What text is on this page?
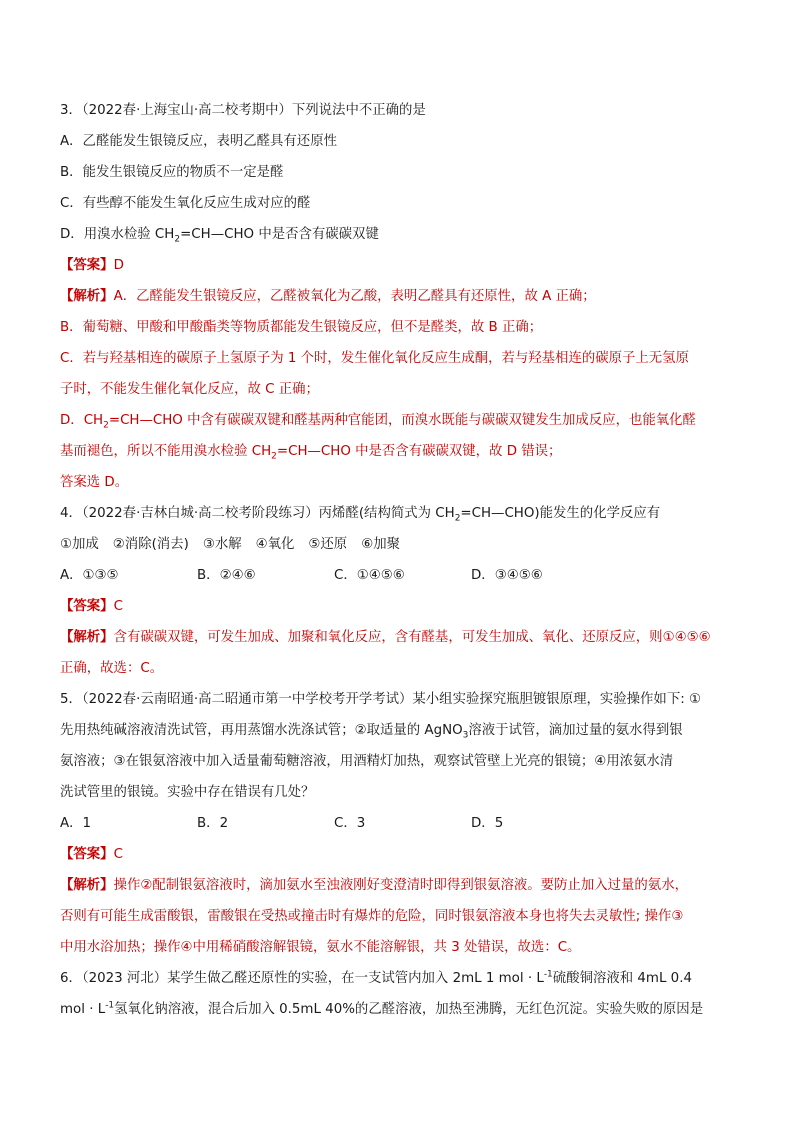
3．（2022春·上海宝山·高二校考期中）下列说法中不正确的是
A．乙醛能发生银镜反应，表明乙醛具有还原性
B．能发生银镜反应的物质不一定是醛
C．有些醇不能发生氧化反应生成对应的醛
D．用溴水检验 $CH_2=CH—CHO$ 中是否含有碳碳双键
【答案】D
【解析】A．乙醛能发生银镜反应，乙醛被氧化为乙酸，表明乙醛具有还原性，故 A 正确；
B．葡萄糖、甲酸和甲酸酯类等物质都能发生银镜反应，但不是醛类，故 B 正确；
C．若与羟基相连的碳原子上氢原子为 1 个时，发生催化氧化反应生成酮，若与羟基相连的碳原子上无氢原
子时，不能发生催化氧化反应，故 C 正确；
D．$CH_2=CH—CHO$ 中含有碳碳双键和醛基两种官能团，而溴水既能与碳碳双键发生加成反应，也能氧化醛
基而褪色，所以不能用溴水检验 $CH_2=CH—CHO$ 中是否含有碳碳双键，故 D 错误；
答案选 D。
4．（2022春·吉林白城·高二校考阶段练习）丙烯醛(结构简式为 $CH_2=CH—CHO$)能发生的化学反应有
①加成 ②消除(消去) ③水解 ④氧化 ⑤还原 ⑥加聚
A．①③⑤	B．②④⑥	C．①④⑤⑥	D．③④⑤⑥
【答案】C
【解析】含有碳碳双键，可发生加成、加聚和氧化反应，含有醛基，可发生加成、氧化、还原反应，则①④⑤⑥
正确，故选：C。
5．（2022春·云南昭通·高二昭通市第一中学校考开学考试）某小组实验探究瓶胆镀银原理，实验操作如下: ①
先用热纯碱溶液清洗试管，再用蒸馏水洗涤试管；②取适量的 AgNO$_3$溶液于试管，滴加过量的氨水得到银
氨溶液；③在银氨溶液中加入适量葡萄糖溶液，用酒精灯加热，观察试管壁上光亮的银镜；④用浓氨水清
洗试管里的银镜。实验中存在错误有几处？
A．1	B．2	C．3	D．5
【答案】C
【解析】操作②配制银氨溶液时，滴加氨水至浊液刚好变澄清时即得到银氨溶液。要防止加入过量的氨水，
否则有可能生成雷酸银，雷酸银在受热或撞击时有爆炸的危险，同时银氨溶液本身也将失去灵敏性; 操作③
中用水浴加热；操作④中用稀硝酸溶解银镜，氨水不能溶解银，共 3 处错误，故选：C。
6．（2023 河北）某学生做乙醛还原性的实验，在一支试管内加入 2mL 1 mol · $L^{-1}$硫酸铜溶液和 4mL 0.4
mol · $L^{-1}$氢氧化钠溶液，混合后加入 0.5mL 40%的乙醛溶液，加热至沸腾，无红色沉淀。实验失败的原因是
